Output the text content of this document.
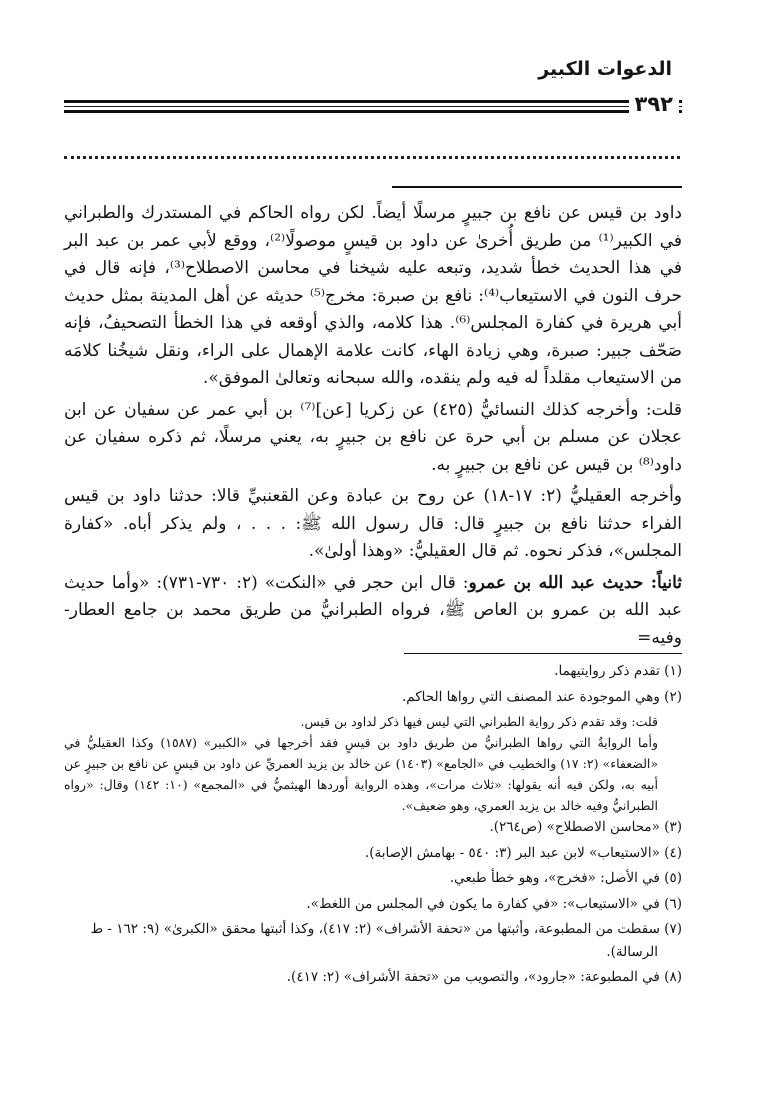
الدعوات الكبير
٣٩٢

داود بن قيس عن نافع بن جبيرٍ مرسلًا أيضاً. لكن رواه الحاكم في المستدرك والطبراني في الكبير⁽¹⁾ من طريق أُخرىٰ عن داود بن قيسٍ موصولًا⁽²⁾، ووقع لأبي عمر بن عبد البر في هذا الحديث خطأ شديد، وتبعه عليه شيخنا في محاسن الاصطلاح⁽³⁾، فإنه قال في حرف النون في الاستيعاب⁽⁴⁾: نافع بن صبرة: مخرج⁽⁵⁾ حديثه عن أهل المدينة بمثل حديث أبي هريرة في كفارة المجلس⁽⁶⁾. هذا كلامه، والذي أوقعه في هذا الخطأ التصحيفُ، فإنه صَحّف جبير: صبرة، وهي زيادة الهاء، كانت علامة الإهمال على الراء، ونقل شيخُنا كلامَه من الاستيعاب مقلداً له فيه ولم ينقده، والله سبحانه وتعالىٰ الموفق».

قلت: وأخرجه كذلك النسائيُّ (٤٢٥) عن زكريا [عن]⁽⁷⁾ بن أبي عمر عن سفيان عن ابن عجلان عن مسلم بن أبي حرة عن نافع بن جبيرٍ به، يعني مرسلًا، ثم ذكره سفيان عن داود⁽⁸⁾ بن قيس عن نافع بن جبيرٍ به.

وأخرجه العقيليُّ (٢: ١٧-١٨) عن روح بن عبادة وعن القعنبيِّ قالا: حدثنا داود بن قيس الفراء حدثنا نافع بن جبيرٍ قال: قال رسول الله ﷺ: . . . ، ولم يذكر أباه. «كفارة المجلس»، فذكر نحوه. ثم قال العقيليُّ: «وهذا أولىٰ».

ثانياً: حديث عبد الله بن عمرو: قال ابن حجر في «النكت» (٢: ٧٣٠-٧٣١): «وأما حديث عبد الله بن عمرو بن العاص ﷺ، فرواه الطبرانيُّ من طريق محمد بن جامع العطار- وفيه=

(١) تقدم ذكر روايتيهما.

(٢) وهي الموجودة عند المصنف التي رواها الحاكم.

قلت: وقد تقدم ذكر رواية الطبراني التي ليس فيها ذكر لداود بن قيس.

وأما الروايةُ التي رواها الطبرانيُّ من طريق داود بن قيسٍ فقد أخرجها في «الكبير» (١٥٨٧) وكذا العقيليُّ في «الضعفاء» (٢: ١٧) والخطيب في «الجامع» (١٤٠٣) عن خالد بن يزيد العمريِّ عن داود بن قيسٍ عن نافع بن جبيرٍ عن أبيه به، ولكن فيه أنه يقولها: «ثلاث مرات»، وهذه الرواية أوردها الهيثميُّ في «المجمع» (١٠: ١٤٢) وقال: «رواه الطبرانيُّ وفيه خالد بن يزيد العمري، وهو ضعيف».

(٣) «محاسن الاصطلاح» (ص٢٦٤).

(٤) «الاستيعاب» لابن عبد البر (٣: ٥٤٠ - بهامش الإصابة).

(٥) في الأصل: «فخرج»، وهو خطأ طبعي.

(٦) في «الاستيعاب»: «في كفارة ما يكون في المجلس من اللغط».

(٧) سقطت من المطبوعة، وأثبتها من «تحفة الأشراف» (٢: ٤١٧)، وكذا أثبتها محقق «الكبرىٰ» (٩: ١٦٢ - ط

الرسالة).

(٨) في المطبوعة: «جارود»، والتصويب من «تحفة الأشراف» (٢: ٤١٧).
